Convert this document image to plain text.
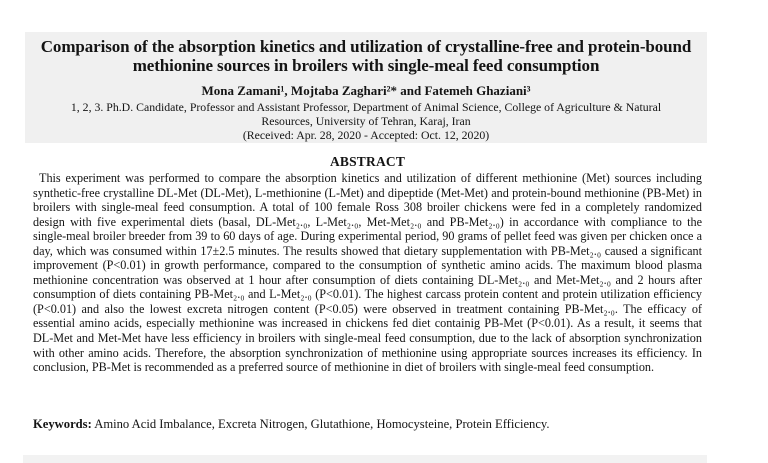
Comparison of the absorption kinetics and utilization of crystalline-free and protein-bound methionine sources in broilers with single-meal feed consumption
Mona Zamani¹, Mojtaba Zaghari²* and Fatemeh Ghaziani³
1, 2, 3. Ph.D. Candidate, Professor and Assistant Professor, Department of Animal Science, College of Agriculture & Natural
Resources, University of Tehran, Karaj, Iran
(Received: Apr. 28, 2020 - Accepted: Oct. 12, 2020)
ABSTRACT
This experiment was performed to compare the absorption kinetics and utilization of different methionine (Met) sources including synthetic-free crystalline DL-Met (DL-Met), L-methionine (L-Met) and dipeptide (Met-Met) and protein-bound methionine (PB-Met) in broilers with single-meal feed consumption. A total of 100 female Ross 308 broiler chickens were fed in a completely randomized design with five experimental diets (basal, DL-Met₂.₀, L-Met₂.₀, Met-Met₂.₀ and PB-Met₂.₀) in accordance with compliance to the single-meal broiler breeder from 39 to 60 days of age. During experimental period, 90 grams of pellet feed was given per chicken once a day, which was consumed within 17±2.5 minutes. The results showed that dietary supplementation with PB-Met₂.₀ caused a significant improvement (P<0.01) in growth performance, compared to the consumption of synthetic amino acids. The maximum blood plasma methionine concentration was observed at 1 hour after consumption of diets containing DL-Met₂.₀ and Met-Met₂.₀ and 2 hours after consumption of diets containing PB-Met₂.₀ and L-Met₂.₀ (P<0.01). The highest carcass protein content and protein utilization efficiency (P<0.01) and also the lowest excreta nitrogen content (P<0.05) were observed in treatment containing PB-Met₂.₀. The efficacy of essential amino acids, especially methionine was increased in chickens fed diet containig PB-Met (P<0.01). As a result, it seems that DL-Met and Met-Met have less efficiency in broilers with single-meal feed consumption, due to the lack of absorption synchronization with other amino acids. Therefore, the absorption synchronization of methionine using appropriate sources increases its efficiency. In conclusion, PB-Met is recommended as a preferred source of methionine in diet of broilers with single-meal feed consumption.
Keywords: Amino Acid Imbalance, Excreta Nitrogen, Glutathione, Homocysteine, Protein Efficiency.
